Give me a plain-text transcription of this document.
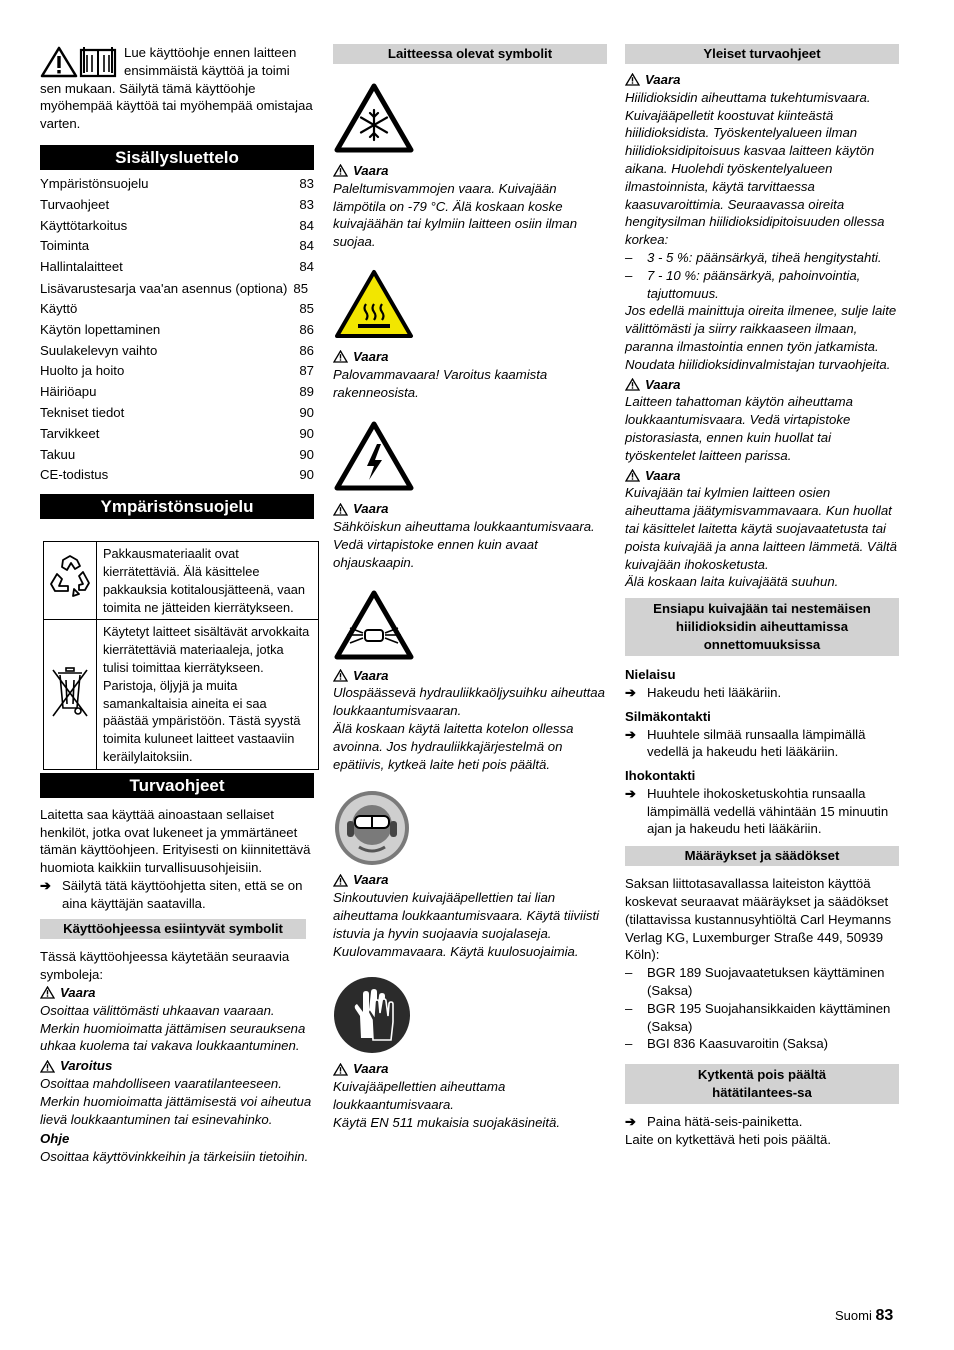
Lue käyttöohje ennen laitteen ensimmäistä käyttöä ja toimi sen mukaan. Säilytä tämä käyttöohje myöhempää käyttöä tai myöhempää omistajaa varten.

Sisällysluettelo
Ympäristönsuojelu	83
Turvaohjeet	83
Käyttötarkoitus	84
Toiminta	84
Hallintalaitteet	84
Lisävarustesarja vaa'an asennus (optiona) 85
Käyttö	85
Käytön lopettaminen	86
Suulakelevyn vaihto	86
Huolto ja hoito	87
Häiriöapu	89
Tekniset tiedot	90
Tarvikkeet	90
Takuu	90
CE-todistus	90
Ympäristönsuojelu
	Pakkausmateriaalit ovat kierrätettäviä. Älä käsittelee pakkauksia kotitalousjätteenä, vaan toimita ne jätteiden kierrätykseen.
	Käytetyt laitteet sisältävät arvokkaita kierrätettäviä materiaaleja, jotka tulisi toimittaa kierrätykseen. Paristoja, öljyjä ja muita samankaltaisia aineita ei saa päästää ympäristöön. Tästä syystä toimita kuluneet laitteet vastaaviin keräilylaitoksiin.
Turvaohjeet

Laitetta saa käyttää ainoastaan sellaiset henkilöt, jotka ovat lukeneet ja ymmärtäneet tämän käyttöohjeen. Erityisesti on kiinnitettävä huomiota kaikkiin turvallisuusohjeisiin.

➔ Säilytä tätä käyttöohjetta siten, että se on aina käyttäjän saatavilla.
Käyttöohjeessa esiintyvät symbolit

Tässä käyttöohjeessa käytetään seuraavia symboleja:

Vaara

Osoittaa välittömästi uhkaavan vaaraan. Merkin huomioimatta jättämisen seurauksena uhkaa kuolema tai vakava loukkaantuminen.

Varoitus

Osoittaa mahdolliseen vaaratilanteeseen. Merkin huomioimatta jättämisestä voi aiheutua lievä loukkaantuminen tai esinevahinko.

Ohje

Osoittaa käyttövinkkeihin ja tärkeisiin tietoihin.

Laitteessa olevat symbolit
Vaara

Paleltumisvammojen vaara. Kuivajään lämpötila on -79 °C. Älä koskaan koske kuivajäähän tai kylmiin laitteen osiin ilman suojaa.

Vaara

Palovammavaara! Varoitus kaamista rakenneosista.

Vaara

Sähköiskun aiheuttama loukkaantumisvaara. Vedä virtapistoke ennen kuin avaat ohjauskaapin.

Vaara

Ulospäässevä hydrauliikkaöljysuihku aiheuttaa loukkaantumisvaaran.
Älä koskaan käytä laitetta kotelon ollessa avoinna. Jos hydrauliikkajärjestelmä on epätiivis, kytkeä laite heti pois päältä.

Vaara

Sinkoutuvien kuivajääpellettien tai lian aiheuttama loukkaantumisvaara. Käytä tiiviisti istuvia ja hyvin suojaavia suojalaseja. Kuulovammavaara. Käytä kuulosuojaimia.

Vaara

Kuivajääpellettien aiheuttama loukkaantumisvaara.
Käytä EN 511 mukaisia suojakäsineitä.

Yleiset turvaohjeet
Vaara

Hiilidioksidin aiheuttama tukehtumisvaara. Kuivajääpelletit koostuvat kiinteästä hiilidioksidista. Työskentelyalueen ilman hiilidioksidipitoisuus kasvaa laitteen käytön aikana. Huolehdi työskentelyalueen ilmastoinnista, käytä tarvittaessa kaasuvaroittimia. Seuraavassa oireita hengitysilman hiilidioksidipitoisuuden ollessa korkea:

–	3 - 5 %: päänsärkyä, tiheä hengitystahti.
–	7 - 10 %: päänsärkyä, pahoinvointia, tajuttomuus.

Jos edellä mainittuja oireita ilmenee, sulje laite välittömästi ja siirry raikkaaseen ilmaan, paranna ilmastointia ennen työn jatkamista.
Noudata hiilidioksidinvalmistajan turvaohjeita.

Vaara

Laitteen tahattoman käytön aiheuttama loukkaantumisvaara. Vedä virtapistoke pistorasiasta, ennen kuin huollat tai työskentelet laitteen parissa.

Vaara

Kuivajään tai kylmien laitteen osien aiheuttama jäätymisvammavaara. Kun huollat tai käsittelet laitetta käytä suojavaatetusta tai poista kuivajää ja anna laitteen lämmetä. Vältä kuivajään ihokosketusta.
Älä koskaan laita kuivajäätä suuhun.

Ensiapu kuivajään tai nestemäisen hiilidioksidin aiheuttamissa onnettomuuksissa

Nielaisu

➔ Hakeudu heti lääkäriin.

Silmäkontakti

➔ Huuhtele silmää runsaalla lämpimällä vedellä ja hakeudu heti lääkäriin.

Ihokontakti

➔ Huuhtele ihokosketuskohtia runsaalla lämpimällä vedellä vähintään 15 minuutin ajan ja hakeudu heti lääkäriin.
Määräykset ja säädökset

Saksan liittotasavallassa laiteiston käyttöä koskevat seuraavat määräykset ja säädökset (tilattavissa kustannusyhtiöltä Carl Heymanns Verlag KG, Luxemburger Straße 449, 50939 Köln):

–	BGR 189 Suojavaatetuksen käyttäminen (Saksa)
–	BGR 195 Suojahansikkaiden käyttäminen (Saksa)
–	BGI 836 Kaasuvaroitin (Saksa)
Kytkentä pois päältä hätätilantees-sa
➔ Paina hätä-seis-painiketta.

Laite on kytkettävä heti pois päältä.

Suomi 83
